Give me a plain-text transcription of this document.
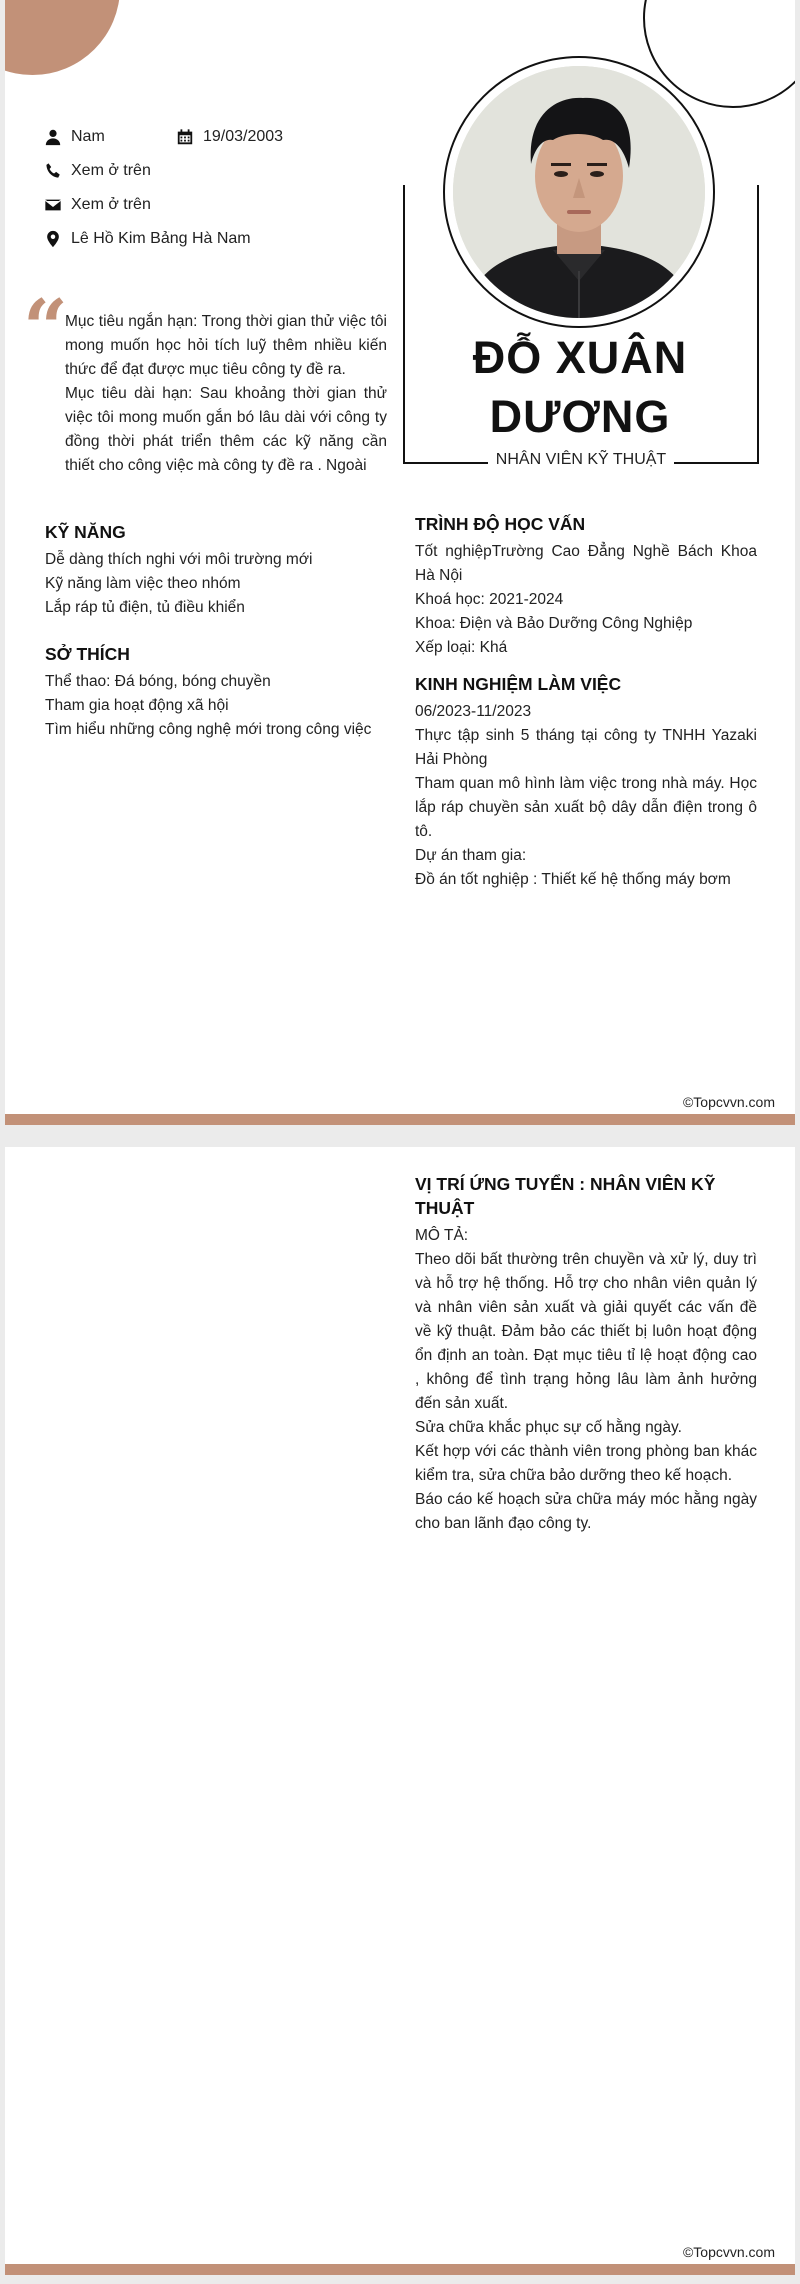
Nam	19/03/2003
Xem ở trên
Xem ở trên
Lê Hồ Kim Bảng Hà Nam
“

Mục tiêu ngắn hạn: Trong thời gian thử việc tôi mong muốn học hỏi tích luỹ thêm nhiều kiến thức để đạt được mục tiêu công ty đề ra.

Mục tiêu dài hạn: Sau khoảng thời gian thử việc tôi mong muốn gắn bó lâu dài với công ty đồng thời phát triển thêm các kỹ năng cần thiết cho công việc mà công ty đề ra . Ngoài

ĐỖ XUÂN
DƯƠNG
NHÂN VIÊN KỸ THUẬT
KỸ NĂNG

Dễ dàng thích nghi với môi trường mới

Kỹ năng làm việc theo nhóm

Lắp ráp tủ điện, tủ điều khiển

SỞ THÍCH

Thể thao: Đá bóng, bóng chuyền

Tham gia hoạt động xã hội

Tìm hiểu những công nghệ mới trong công việc

TRÌNH ĐỘ HỌC VẤN

Tốt nghiệpTrường Cao Đẳng Nghề Bách Khoa Hà Nội

Khoá học: 2021-2024

Khoa: Điện và Bảo Dưỡng Công Nghiệp

Xếp loại: Khá

KINH NGHIỆM LÀM VIỆC

06/2023-11/2023

Thực tập sinh 5 tháng tại công ty TNHH Yazaki Hải Phòng

Tham quan mô hình làm việc trong nhà máy. Học lắp ráp chuyền sản xuất bộ dây dẫn điện trong ô tô.

Dự án tham gia:

Đồ án tốt nghiệp : Thiết kế hệ thống máy bơm

©Topcvvn.com
VỊ TRÍ ỨNG TUYỂN : NHÂN VIÊN KỸ THUẬT

MÔ TẢ:

Theo dõi bất thường trên chuyền và xử lý, duy trì và hỗ trợ hệ thống. Hỗ trợ cho nhân viên quản lý và nhân viên sản xuất và giải quyết các vấn đề về kỹ thuật. Đảm bảo các thiết bị luôn hoạt động ổn định an toàn. Đạt mục tiêu tỉ lệ hoạt động cao , không để tình trạng hỏng lâu làm ảnh hưởng đến sản xuất.

Sửa chữa khắc phục sự cố hằng ngày.

Kết hợp với các thành viên trong phòng ban khác kiểm tra, sửa chữa bảo dưỡng theo kế hoạch.

Báo cáo kế hoạch sửa chữa máy móc hằng ngày cho ban lãnh đạo công ty.

©Topcvvn.com
